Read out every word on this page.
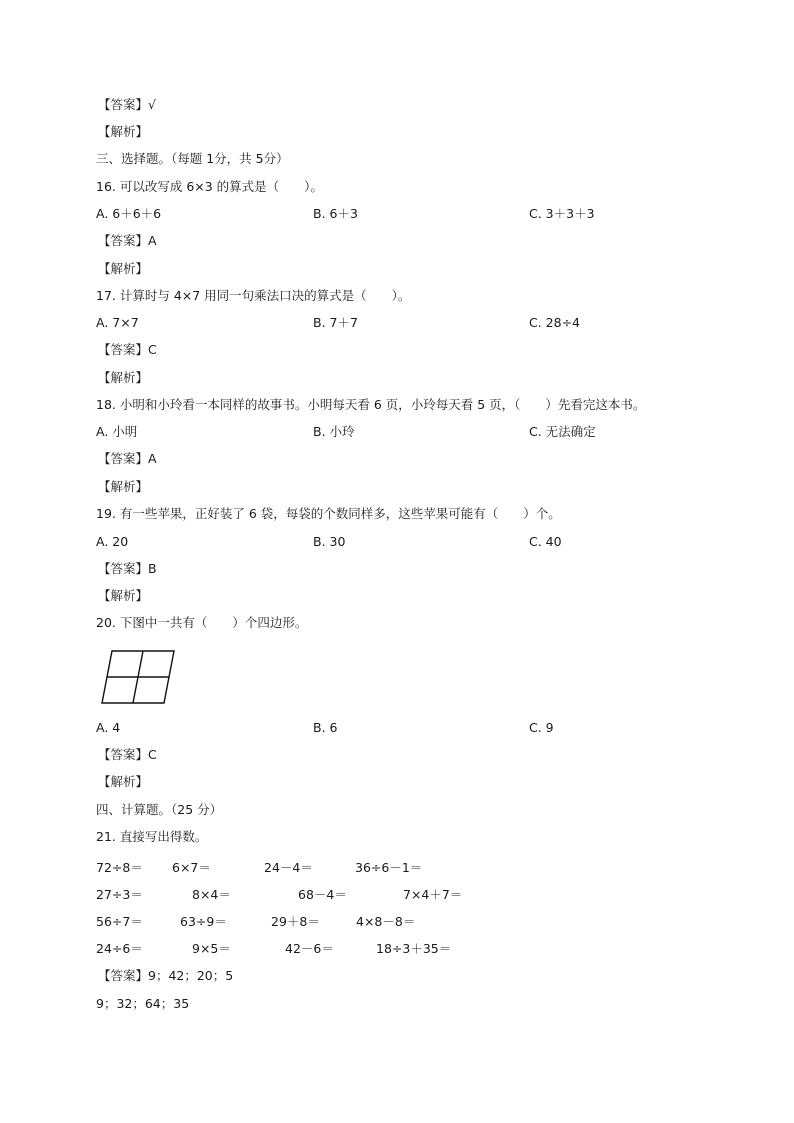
【答案】√
【解析】
三、选择题。（每题 1分，共 5分）
16. 可以改写成 6×3 的算式是（　　）。
A. 6＋6＋6	B. 6＋3	C. 3＋3＋3
【答案】A
【解析】
17. 计算时与 4×7 用同一句乘法口决的算式是（　　）。
A. 7×7	B. 7＋7	C. 28÷4
【答案】C
【解析】
18. 小明和小玲看一本同样的故事书。小明每天看 6 页，小玲每天看 5 页，（　　）先看完这本书。
A. 小明	B. 小玲	C. 无法确定
【答案】A
【解析】
19. 有一些苹果，正好装了 6 袋，每袋的个数同样多，这些苹果可能有（　　）个。
A. 20	B. 30	C. 40
【答案】B
【解析】
20. 下图中一共有（　　）个四边形。
A. 4	B. 6	C. 9
【答案】C
【解析】
四、计算题。（25 分）
21. 直接写出得数。
72÷8＝ 6×7＝	24－4＝	36÷6－1＝
27÷3＝	8×4＝	68－4＝	7×4＋7＝
56÷7＝	63÷9＝	29＋8＝	4×8－8＝
24÷6＝	9×5＝	42－6＝	18÷3＋35＝
【答案】9；42；20；5
9；32；64；35
